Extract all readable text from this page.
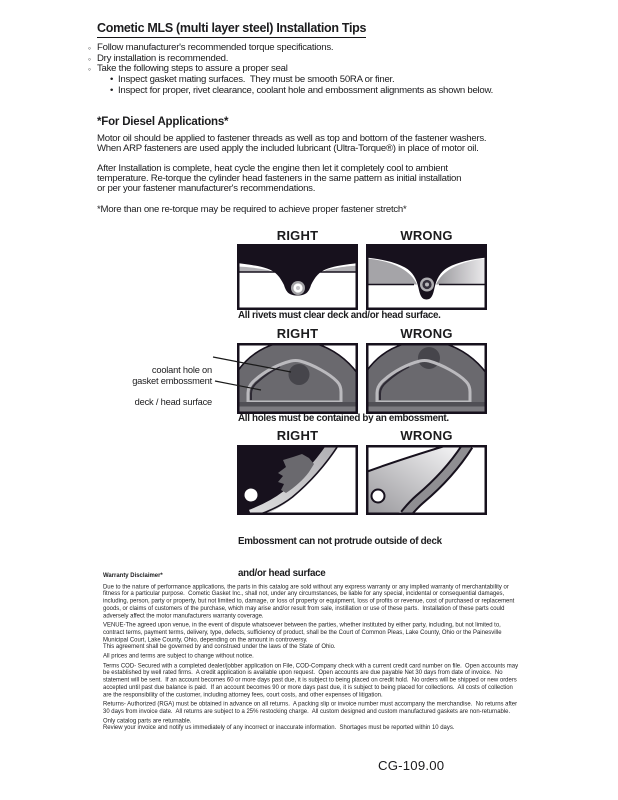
Cometic MLS (multi layer steel) Installation Tips
◦ Follow manufacturer's recommended torque specifications.
◦ Dry installation is recommended.
◦ Take the following steps to assure a proper seal
• Inspect gasket mating surfaces.  They must be smooth 50RA or finer.
• Inspect for proper, rivet clearance, coolant hole and embossment alignments as shown below.
*For Diesel Applications*
Motor oil should be applied to fastener threads as well as top and bottom of the fastener washers.
When ARP fasteners are used apply the included lubricant (Ultra-Torque®) in place of motor oil.
After Installation is complete, heat cycle the engine then let it completely cool to ambient
temperature. Re-torque the cylinder head fasteners in the same pattern as initial installation
or per your fastener manufacturer's recommendations.
*More than one re-torque may be required to achieve proper fastener stretch*
RIGHT	WRONG
All rivets must clear deck and/or head surface.
RIGHT	WRONG

coolant hole on

deck / head surface

gasket embossment
All holes must be contained by an embossment.
RIGHT	WRONG

Embossment can not protrude outside of deck

and/or head surface

Warranty Disclaimer*

Due to the nature of performance applications, the parts in this catalog are sold without any express warranty or any implied warranty of merchantability or fitness for a particular purpose.  Cometic Gasket Inc., shall not, under any circumstances, be liable for any special, incidental or consequential damages, including, person, party or property, but not limited to, damage, or loss of property or equipment, loss of profits or revenue, cost of purchased or replacement goods, or claims of customers of the purchase, which may arise and/or result from sale, instillation or use of these parts.  Installation of these parts could adversely affect the motor manufacturers warranty coverage.

VENUE-The agreed upon venue, in the event of dispute whatsoever between the parties, whether instituted by either party, including, but not limited to, contract terms, payment terms, delivery, type, defects, sufficiency of product, shall be the Court of Common Pleas, Lake County, Ohio or the Painesville Municipal Court, Lake County, Ohio, depending on the amount in controversy.

This agreement shall be governed by and construed under the laws of the State of Ohio.

All prices and terms are subject to change without notice.

Terms COD- Secured with a completed dealer/jobber application on File, COD-Company check with a current credit card number on file.  Open accounts may be established by well rated firms.  A credit application is available upon request.  Open accounts are due payable Net 30 days from date of invoice.  No statement will be sent.  If an account becomes 60 or more days past due, it is subject to being placed on credit hold.  No orders will be shipped or new orders accepted until past due balance is paid.  If an account becomes 90 or more days past due, it is subject to being placed for collections.  All costs of collection are the responsibility of the customer, including attorney fees, court costs, and other expenses of litigation.

Returns- Authorized (RGA) must be obtained in advance on all returns.  A packing slip or invoice number must accompany the merchandise.  No returns after 30 days from invoice date.  All returns are subject to a 25% restocking charge.  All custom designed and custom manufactured gaskets are non-returnable.

Only catalog parts are returnable.

Review your invoice and notify us immediately of any incorrect or inaccurate information.  Shortages must be reported within 10 days.

CG-109.00
